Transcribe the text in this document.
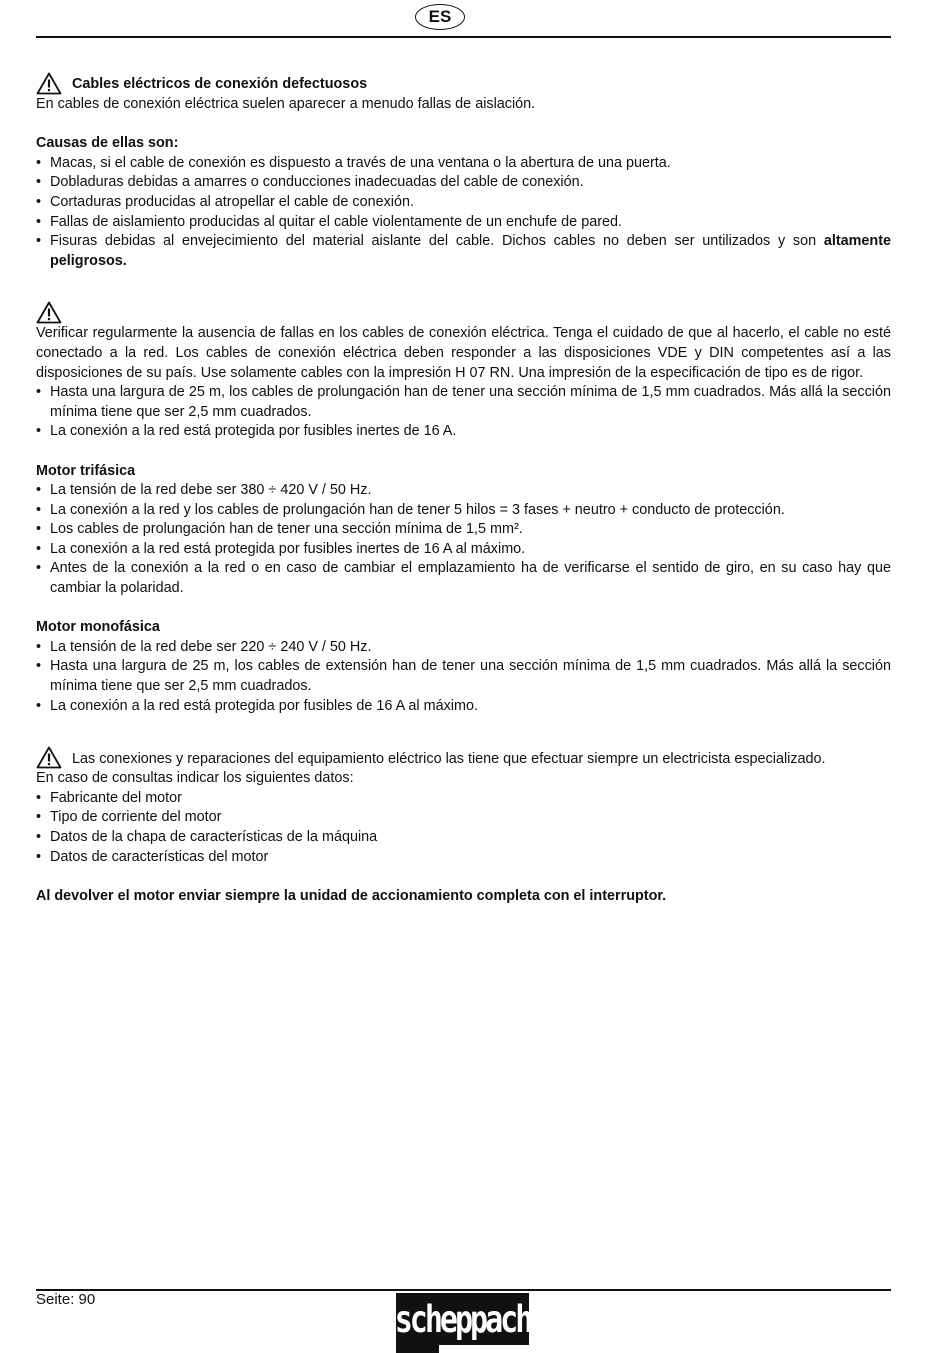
ES
Cables eléctricos de conexión defectuosos

En cables de conexión eléctrica suelen aparecer a menudo fallas de aislación.

Causas de ellas son:

• Macas, si el cable de conexión es dispuesto a través de una ventana o la abertura de una puerta.
• Dobladuras debidas a amarres o conducciones inadecuadas del cable de conexión.
• Cortaduras producidas al atropellar el cable de conexión.
• Fallas de aislamiento producidas al quitar el cable violentamente de un enchufe de pared.
• Fisuras debidas al envejecimiento del material aislante del cable. Dichos cables no deben ser untilizados y son altamente peligrosos.

Verificar regularmente la ausencia de fallas en los cables de conexión eléctrica. Tenga el cuidado de que al hacerlo, el cable no esté conectado a la red. Los cables de conexión eléctrica deben responder a las disposiciones VDE y DIN competentes así a las disposiciones de su país. Use solamente cables con la impresión H 07 RN. Una impresión de la especificación de tipo es de rigor.

• Hasta una largura de 25 m, los cables de prolungación han de tener una sección mínima de 1,5 mm cuadrados. Más allá la sección mínima tiene que ser 2,5 mm cuadrados.
• La conexión a la red está protegida por fusibles inertes de 16 A.

Motor trifásica

• La tensión de la red debe ser 380 ÷ 420 V / 50 Hz.
• La conexión a la red y los cables de prolungación han de tener 5 hilos = 3 fases + neutro + conducto de protección.
• Los cables de prolungación han de tener una sección mínima de 1,5 mm².
• La conexión a la red está protegida por fusibles inertes de 16 A al máximo.
• Antes de la conexión a la red o en caso de cambiar el emplazamiento ha de verificarse el sentido de giro, en su caso hay que cambiar la polaridad.

Motor monofásica

• La tensión de la red debe ser 220 ÷ 240 V / 50 Hz.
• Hasta una largura de 25 m, los cables de extensión han de tener una sección mínima de 1,5 mm cuadrados. Más allá la sección mínima tiene que ser 2,5 mm cuadrados.
• La conexión a la red está protegida por fusibles de 16 A al máximo.
Las conexiones y reparaciones del equipamiento eléctrico las tiene que efectuar siempre un electricista especializado.

En caso de consultas indicar los siguientes datos:

• Fabricante del motor
• Tipo de corriente del motor
• Datos de la chapa de características de la máquina
• Datos de características del motor

Al devolver el motor enviar siempre la unidad de accionamiento completa con el interruptor.

Seite: 90	scheppach
